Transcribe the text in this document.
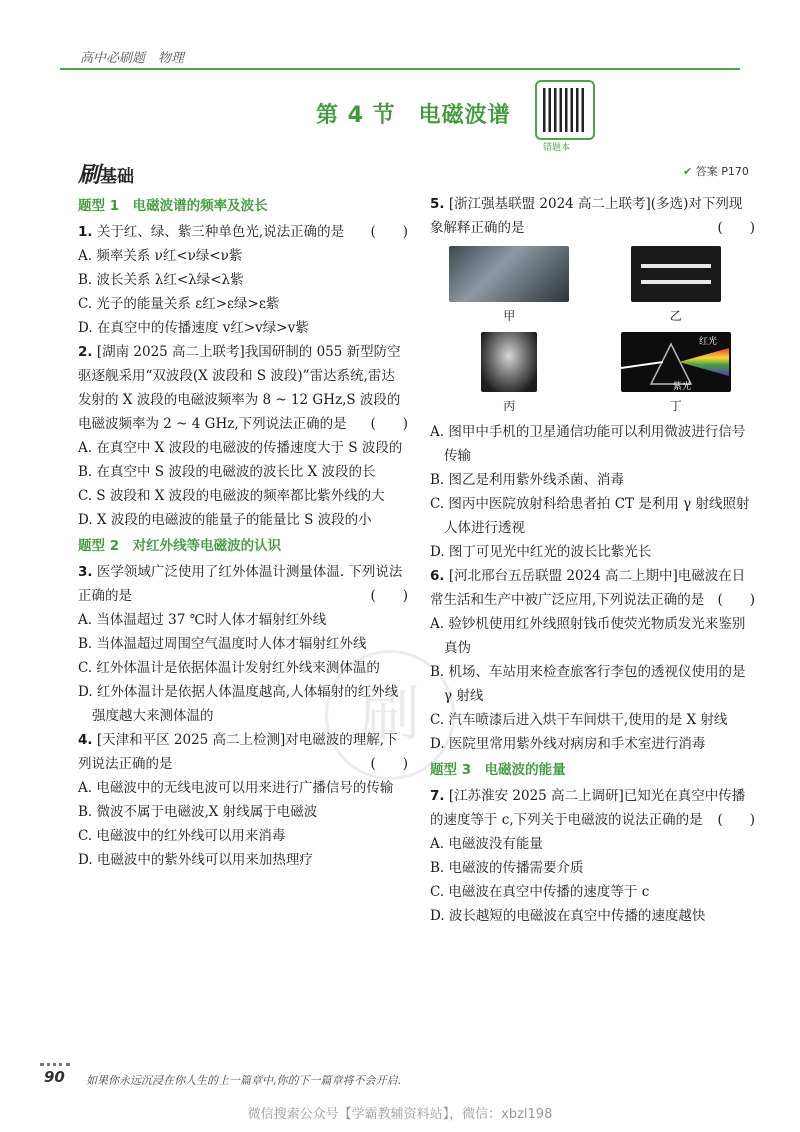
高中必刷题　物理
第 4 节　电磁波谱
错题本
刷基础	✔ 答案 P170
刷
题型 1　电磁波谱的频率及波长
1. 关于红、绿、紫三种单色光,说法正确的是 (　　)
A. 频率关系 ν红<ν绿<ν紫
B. 波长关系 λ红<λ绿<λ紫
C. 光子的能量关系 ε红>ε绿>ε紫
D. 在真空中的传播速度 v红>v绿>v紫
2. [湖南 2025 高二上联考]我国研制的 055 新型防空驱逐舰采用“双波段(X 波段和 S 波段)”雷达系统,雷达发射的 X 波段的电磁波频率为 8 ~ 12 GHz,S 波段的电磁波频率为 2 ~ 4 GHz,下列说法正确的是 (　　)
A. 在真空中 X 波段的电磁波的传播速度大于 S 波段的
B. 在真空中 S 波段的电磁波的波长比 X 波段的长
C. S 波段和 X 波段的电磁波的频率都比紫外线的大
D. X 波段的电磁波的能量子的能量比 S 波段的小
题型 2　对红外线等电磁波的认识
3. 医学领域广泛使用了红外体温计测量体温. 下列说法正确的是	(　　)
A. 当体温超过 37 ℃时人体才辐射红外线
B. 当体温超过周围空气温度时人体才辐射红外线
C. 红外体温计是依据体温计发射红外线来测体温的
D. 红外体温计是依据人体温度越高,人体辐射的红外线强度越大来测体温的
4. [天津和平区 2025 高二上检测]对电磁波的理解,下列说法正确的是	(　　)
A. 电磁波中的无线电波可以用来进行广播信号的传输
B. 微波不属于电磁波,X 射线属于电磁波
C. 电磁波中的红外线可以用来消毒
D. 电磁波中的紫外线可以用来加热理疗
5. [浙江强基联盟 2024 高二上联考](多选)对下列现象解释正确的是	(　　)
甲	乙
丙
红光
紫光
丁
A. 图甲中手机的卫星通信功能可以利用微波进行信号传输
B. 图乙是利用紫外线杀菌、消毒
C. 图丙中医院放射科给患者拍 CT 是利用 γ 射线照射人体进行透视
D. 图丁可见光中红光的波长比紫光长
6. [河北邢台五岳联盟 2024 高二上期中]电磁波在日常生活和生产中被广泛应用,下列说法正确的是 (　　)
A. 验钞机使用红外线照射钱币使荧光物质发光来鉴别真伪
B. 机场、车站用来检查旅客行李包的透视仪使用的是 γ 射线
C. 汽车喷漆后进入烘干车间烘干,使用的是 X 射线
D. 医院里常用紫外线对病房和手术室进行消毒
题型 3　电磁波的能量
7. [江苏淮安 2025 高二上调研]已知光在真空中传播的速度等于 c,下列关于电磁波的说法正确的是 (　　)
A. 电磁波没有能量
B. 电磁波的传播需要介质
C. 电磁波在真空中传播的速度等于 c
D. 波长越短的电磁波在真空中传播的速度越快
90 如果你永远沉浸在你人生的上一篇章中,你的下一篇章将不会开启.
微信搜索公众号【学霸教辅资料站】，微信：xbzl198
